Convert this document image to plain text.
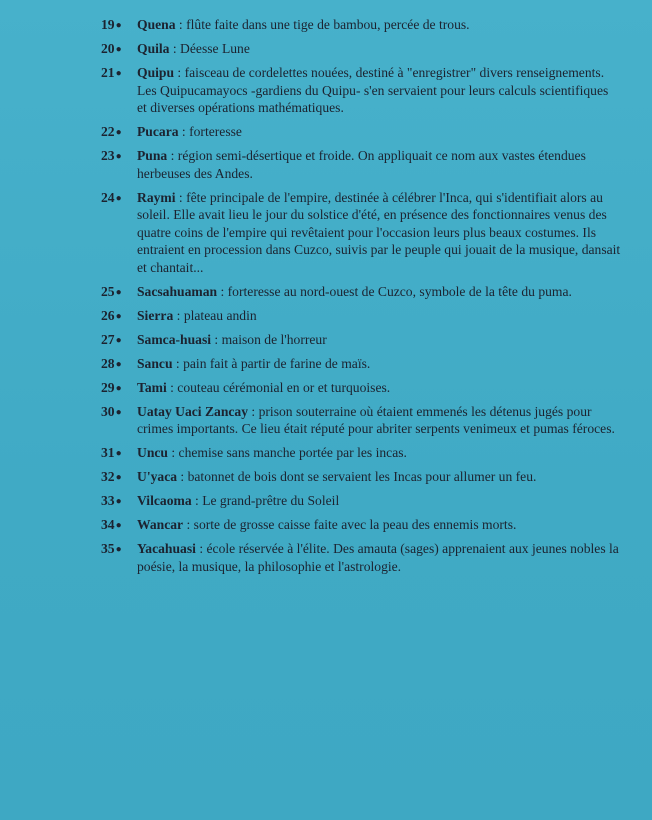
19●	Quena : flûte faite dans une tige de bambou, percée de trous.
20●	Quila : Déesse Lune
21●	Quipu : faisceau de cordelettes nouées, destiné à "enregistrer" divers renseignements. Les Quipucamayocs -gardiens du Quipu- s'en servaient pour leurs calculs scientifiques et diverses opérations mathématiques.
22●	Pucara : forteresse
23●	Puna : région semi-désertique et froide. On appliquait ce nom aux vastes étendues herbeuses des Andes.
24●	Raymi : fête principale de l'empire, destinée à célébrer l'Inca, qui s'identifiait alors au soleil. Elle avait lieu le jour du solstice d'été, en présence des fonctionnaires venus des quatre coins de l'empire qui revêtaient pour l'occasion leurs plus beaux costumes. Ils entraient en procession dans Cuzco, suivis par le peuple qui jouait de la musique, dansait et chantait...
25●	Sacsahuaman : forteresse au nord-ouest de Cuzco, symbole de la tête du puma.
26●	Sierra : plateau andin
27●	Samca-huasi : maison de l'horreur
28●	Sancu : pain fait à partir de farine de maïs.
29●	Tami : couteau cérémonial en or et turquoises.
30●	Uatay Uaci Zancay : prison souterraine où étaient emmenés les détenus jugés pour crimes importants. Ce lieu était réputé pour abriter serpents venimeux et pumas féroces.
31●	Uncu : chemise sans manche portée par les incas.
32●	U'yaca : batonnet de bois dont se servaient les Incas pour allumer un feu.
33●	Vilcaoma : Le grand-prêtre du Soleil
34●	Wancar : sorte de grosse caisse faite avec la peau des ennemis morts.
35●	Yacahuasi : école réservée à l'élite. Des amauta (sages) apprenaient aux jeunes nobles la poésie, la musique, la philosophie et l'astrologie.
